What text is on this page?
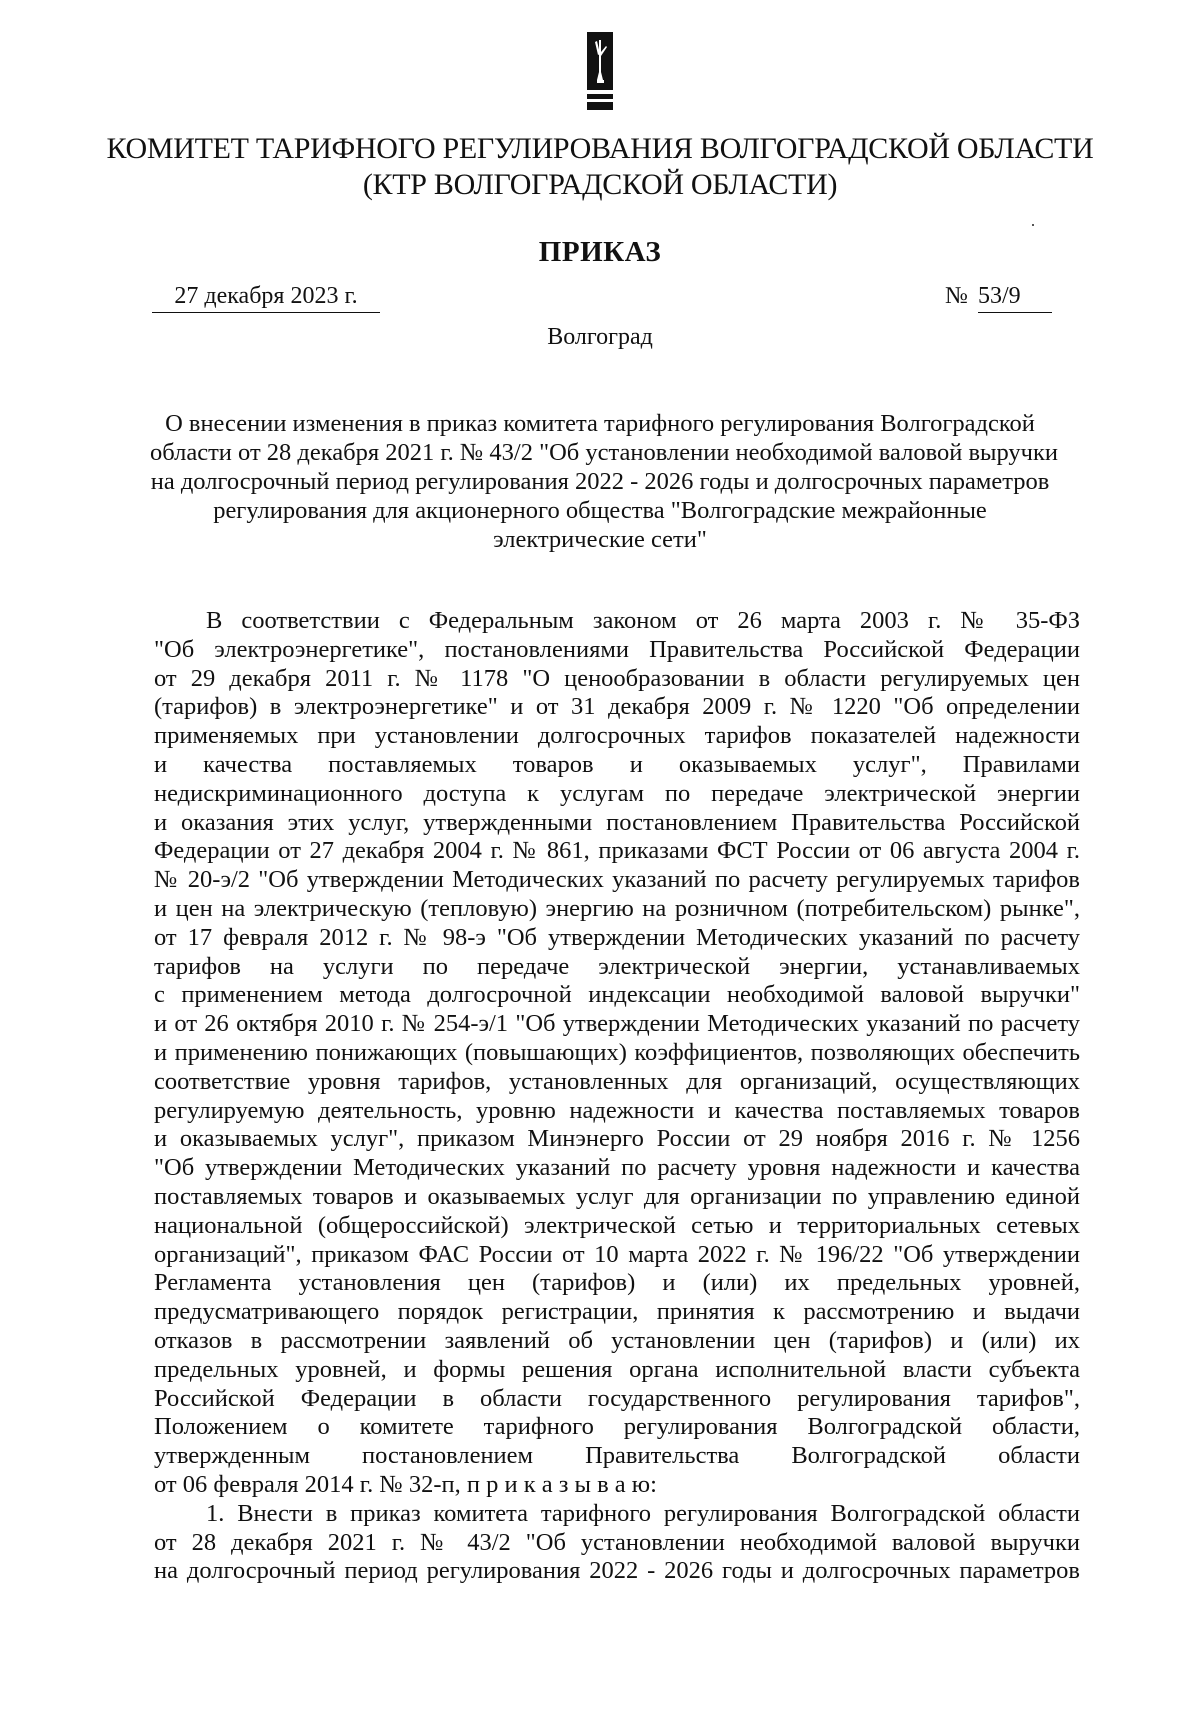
КОМИТЕТ ТАРИФНОГО РЕГУЛИРОВАНИЯ ВОЛГОГРАДСКОЙ ОБЛАСТИ
(КТР ВОЛГОГРАДСКОЙ ОБЛАСТИ)
ПРИКАЗ
27 декабря 2023 г.	№ 53/9
Волгоград
О внесении изменения в приказ комитета тарифного регулирования Волгоградской
области от 28 декабря 2021 г. № 43/2 "Об установлении необходимой валовой выручки
на долгосрочный период регулирования 2022 - 2026 годы и долгосрочных параметров
регулирования для акционерного общества "Волгоградские межрайонные
электрические сети"
В соответствии с Федеральным законом от 26 марта 2003 г. № 35-ФЗ
"Об электроэнергетике", постановлениями Правительства Российской Федерации
от 29 декабря 2011 г. № 1178 "О ценообразовании в области регулируемых цен
(тарифов) в электроэнергетике" и от 31 декабря 2009 г. № 1220 "Об определении
применяемых при установлении долгосрочных тарифов показателей надежности
и качества поставляемых товаров и оказываемых услуг", Правилами
недискриминационного доступа к услугам по передаче электрической энергии
и оказания этих услуг, утвержденными постановлением Правительства Российской
Федерации от 27 декабря 2004 г. № 861, приказами ФСТ России от 06 августа 2004 г.
№ 20-э/2 "Об утверждении Методических указаний по расчету регулируемых тарифов
и цен на электрическую (тепловую) энергию на розничном (потребительском) рынке",
от 17 февраля 2012 г. № 98-э "Об утверждении Методических указаний по расчету
тарифов на услуги по передаче электрической энергии, устанавливаемых
с применением метода долгосрочной индексации необходимой валовой выручки"
и от 26 октября 2010 г. № 254-э/1 "Об утверждении Методических указаний по расчету
и применению понижающих (повышающих) коэффициентов, позволяющих обеспечить
соответствие уровня тарифов, установленных для организаций, осуществляющих
регулируемую деятельность, уровню надежности и качества поставляемых товаров
и оказываемых услуг", приказом Минэнерго России от 29 ноября 2016 г. № 1256
"Об утверждении Методических указаний по расчету уровня надежности и качества
поставляемых товаров и оказываемых услуг для организации по управлению единой
национальной (общероссийской) электрической сетью и территориальных сетевых
организаций", приказом ФАС России от 10 марта 2022 г. № 196/22 "Об утверждении
Регламента установления цен (тарифов) и (или) их предельных уровней,
предусматривающего порядок регистрации, принятия к рассмотрению и выдачи
отказов в рассмотрении заявлений об установлении цен (тарифов) и (или) их
предельных уровней, и формы решения органа исполнительной власти субъекта
Российской Федерации в области государственного регулирования тарифов",
Положением о комитете тарифного регулирования Волгоградской области,
утвержденным постановлением Правительства Волгоградской области
от 06 февраля 2014 г. № 32-п, п р и к а з ы в а ю:
1. Внести в приказ комитета тарифного регулирования Волгоградской области
от 28 декабря 2021 г. № 43/2 "Об установлении необходимой валовой выручки
на долгосрочный период регулирования 2022 - 2026 годы и долгосрочных параметров
